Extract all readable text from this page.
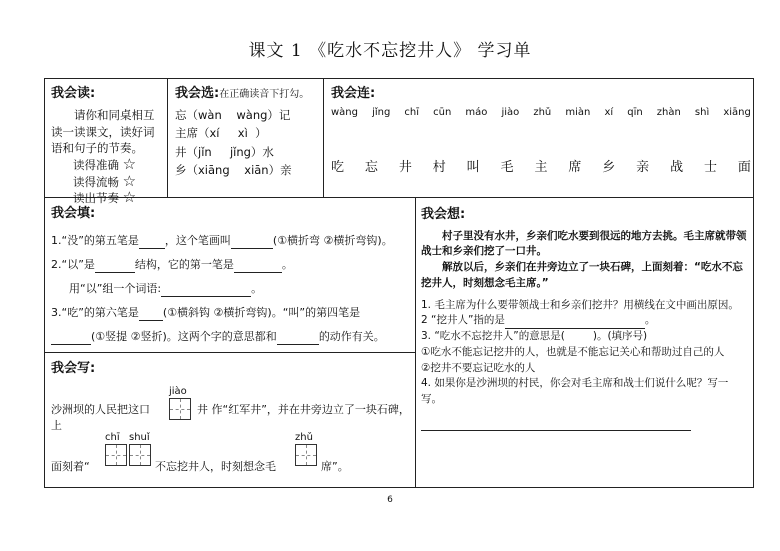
课文 1 《吃水不忘挖井人》 学习单
我会读:
请你和同桌相互读一读课文，读好词语和句子的节奏。
读得准确 ☆
读得流畅 ☆
读出节奏 ☆
我会选:在正确读音下打勾。
忘（wàn    wàng）记
主席（xí     xì  ）
井（jǐn     jǐng）水
乡（xiāng    xiān）亲
我会连:
wàng jǐng chī cūn máo jiào zhǔ miàn xí qīn zhàn shì xiāng
吃 忘 井 村 叫 毛 主 席 乡 亲 战 士 面
我会填:
1.“没”的第五笔是 ，这个笔画叫	(①横折弯 ②横折弯钩)。
2.“以”是	结构，它的第一笔是	。
用“以”组一个词语:	。
3.“吃”的第六笔是 (①横斜钩 ②横折弯钩)。“叫”的第四笔是
(①竖提 ②竖折)。这两个字的意思都和	的动作有关。
我会写:
jiào
沙洲坝的人民把这口	井 作“红军井”，并在井旁边立了一块石碑，
上
chī shuǐ	zhǔ
面刻着“	不忘挖井人，时刻想念毛	席”。
我会想:
村子里没有水井，乡亲们吃水要到很远的地方去挑。毛主席就带领战士和乡亲们挖了一口井。
解放以后，乡亲们在井旁边立了一块石碑，上面刻着：“吃水不忘挖井人，时刻想念毛主席。”
1. 毛主席为什么要带领战士和乡亲们挖井？用横线在文中画出原因。
2 “挖井人”指的是	。
3. “吃水不忘挖井人”的意思是(	)。(填序号)
①吃水不能忘记挖井的人，也就是不能忘记关心和帮助过自己的人
②挖井不要忘记吃水的人
4. 如果你是沙洲坝的村民，你会对毛主席和战士们说什么呢？写一写。
6
